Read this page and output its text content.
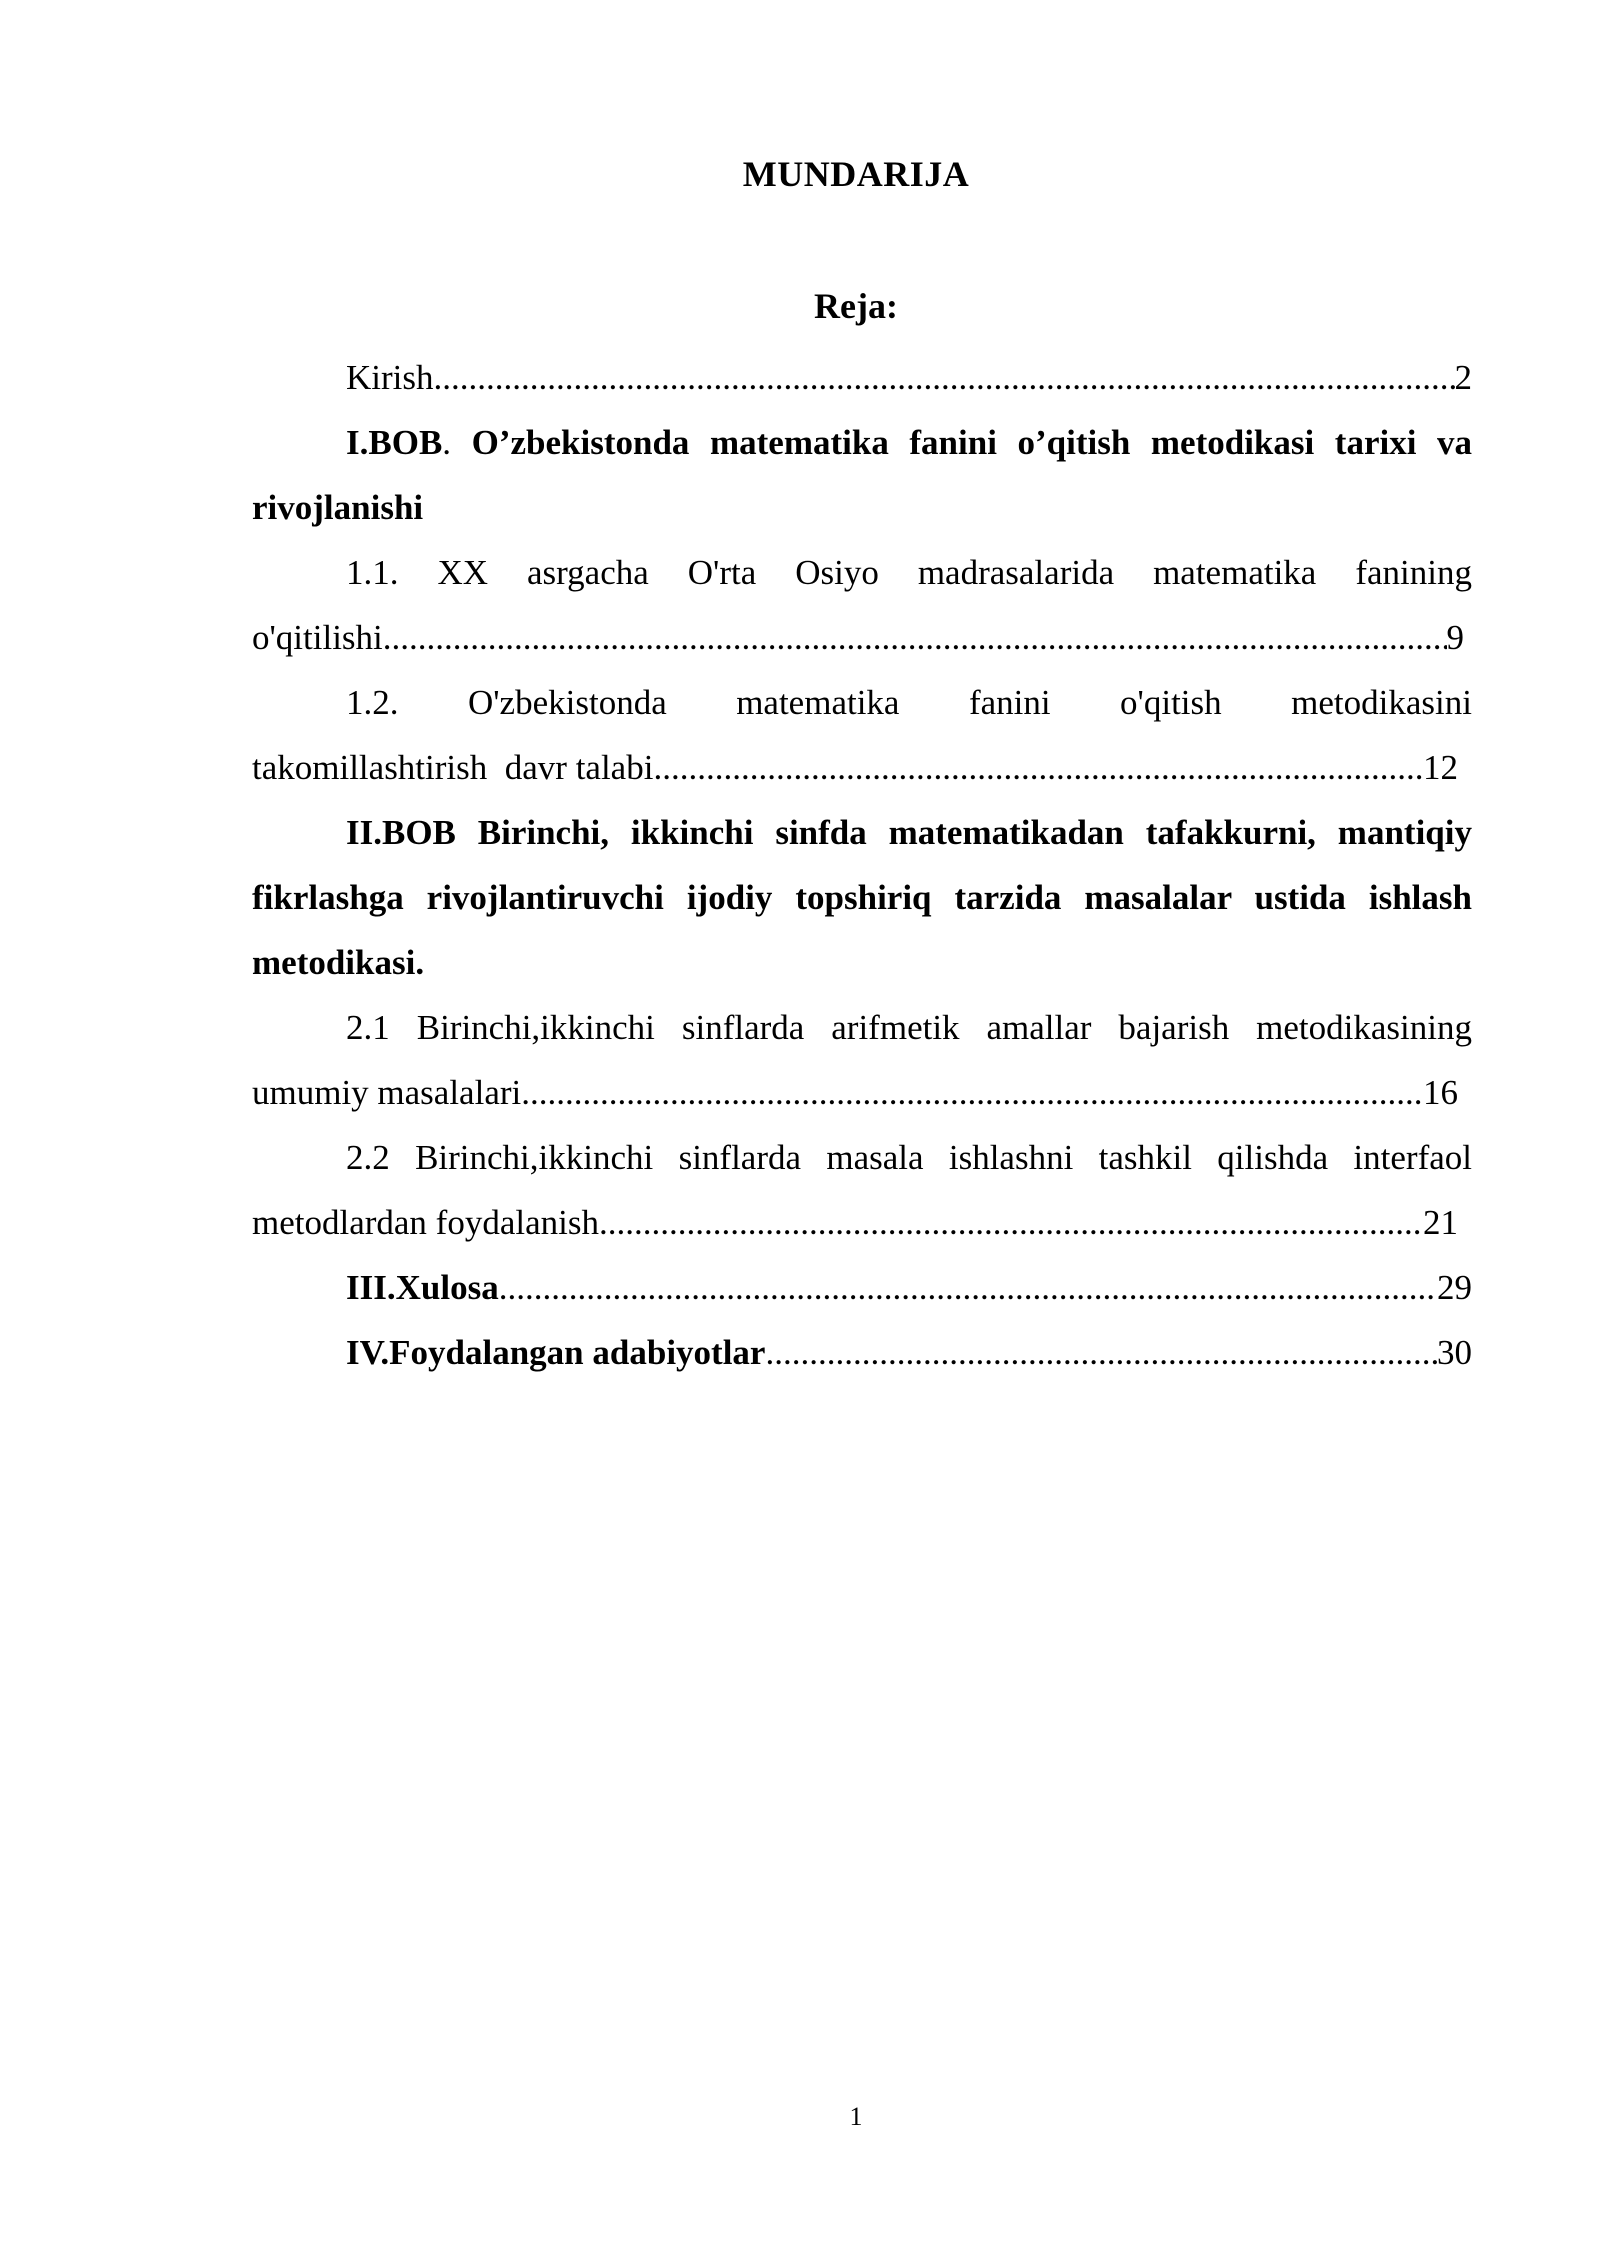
MUNDARIJA
Reja:
Kirish .....	2
I.BOB. O’zbekistonda matematika fanini o’qitish metodikasi tarixi va rivojlanishi
1.1. XX asrgacha O'rta Osiyo madrasalarida matematika fanining
o'qitilishi .....	9
1.2. O'zbekistonda matematika fanini o'qitish metodikasini
takomillashtirish  davr talabi .....	12
II.BOB Birinchi, ikkinchi sinfda matematikadan tafakkurni, mantiqiy fikrlashga rivojlantiruvchi ijodiy topshiriq tarzida masalalar ustida ishlash metodikasi.
2.1 Birinchi,ikkinchi sinflarda arifmetik amallar bajarish metodikasining
umumiy masalalari .....	16
2.2 Birinchi,ikkinchi sinflarda masala ishlashni tashkil qilishda interfaol
metodlardan foydalanish .....	21
III.Xulosa .....	29
IV.Foydalangan adabiyotlar .....	30
1
